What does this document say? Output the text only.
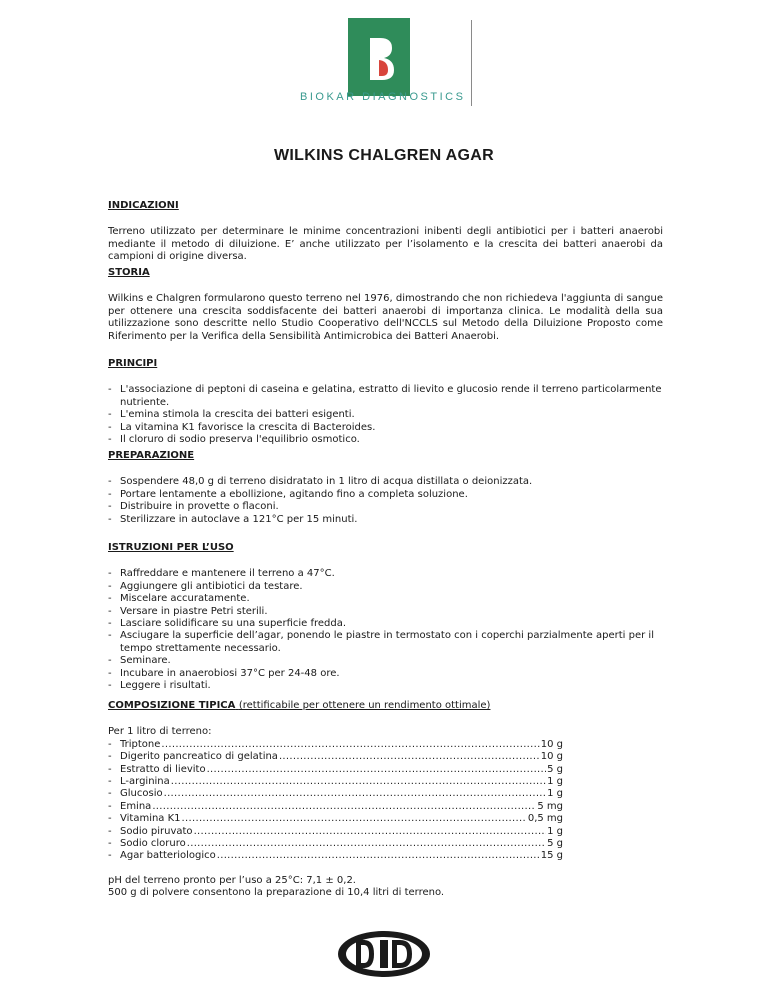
BIOKAR DIAGNOSTICS
WILKINS CHALGREN AGAR
INDICAZIONI

Terreno utilizzato per determinare le minime concentrazioni inibenti degli antibiotici per i batteri anaerobi mediante il metodo di diluizione. E’ anche utilizzato per l’isolamento e la crescita dei batteri anaerobi da campioni di origine diversa.

STORIA

Wilkins e Chalgren formularono questo terreno nel 1976, dimostrando che non richiedeva l'aggiunta di sangue per ottenere una crescita soddisfacente dei batteri anaerobi di importanza clinica. Le modalità della sua utilizzazione sono descritte nello Studio Cooperativo dell'NCCLS sul Metodo della Diluizione Proposto come Riferimento per la Verifica della Sensibilità Antimicrobica dei Batteri Anaerobi.

PRINCIPI
- L'associazione di peptoni di caseina e gelatina, estratto di lievito e glucosio rende il terreno particolarmente nutriente.
- L'emina stimola la crescita dei batteri esigenti.
- La vitamina K1 favorisce la crescita di Bacteroides.
- Il cloruro di sodio preserva l'equilibrio osmotico.
PREPARAZIONE
- Sospendere 48,0 g di terreno disidratato in 1 litro di acqua distillata o deionizzata.
- Portare lentamente a ebollizione, agitando fino a completa soluzione.
- Distribuire in provette o flaconi.
- Sterilizzare in autoclave a 121°C per 15 minuti.
ISTRUZIONI PER L’USO
- Raffreddare e mantenere il terreno a 47°C.
- Aggiungere gli antibiotici da testare.
- Miscelare accuratamente.
- Versare in piastre Petri sterili.
- Lasciare solidificare su una superficie fredda.
- Asciugare la superficie dell’agar, ponendo le piastre in termostato con i coperchi parzialmente aperti per il tempo strettamente necessario.
- Seminare.
- Incubare in anaerobiosi 37°C per 24-48 ore.
- Leggere i risultati.
COMPOSIZIONE TIPICA (rettificabile per ottenere un rendimento ottimale)
Per 1 litro di terreno:
- Triptone .....	10 g
- Digerito pancreatico di gelatina .....	10 g
- Estratto di lievito .....	5 g
- L-arginina .....	1 g
- Glucosio .....	1 g
- Emina .....	5 mg
- Vitamina K1 .....	0,5 mg
- Sodio piruvato .....	1 g
- Sodio cloruro .....	5 g
- Agar batteriologico .....	15 g
pH del terreno pronto per l’uso a 25°C: 7,1 ± 0,2.
500 g di polvere consentono la preparazione di 10,4 litri di terreno.
